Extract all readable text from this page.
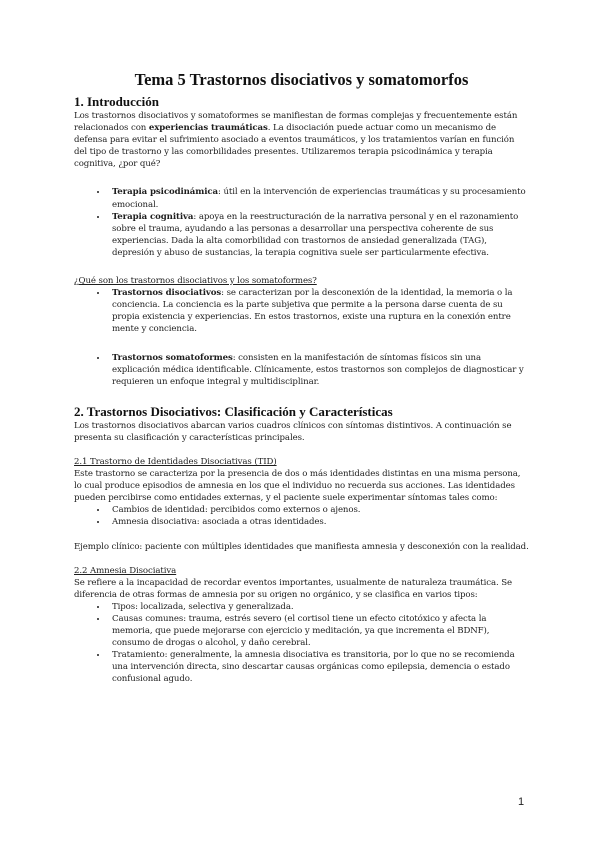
Tema 5 Trastornos disociativos y somatomorfos
1. Introducción

Los trastornos disociativos y somatoformes se manifiestan de formas complejas y frecuentemente están relacionados con experiencias traumáticas. La disociación puede actuar como un mecanismo de defensa para evitar el sufrimiento asociado a eventos traumáticos, y los tratamientos varían en función del tipo de trastorno y las comorbilidades presentes. Utilizaremos terapia psicodinámica y terapia cognitiva, ¿por qué?

• Terapia psicodinámica: útil en la intervención de experiencias traumáticas y su procesamiento emocional.
• Terapia cognitiva: apoya en la reestructuración de la narrativa personal y en el razonamiento sobre el trauma, ayudando a las personas a desarrollar una perspectiva coherente de sus experiencias. Dada la alta comorbilidad con trastornos de ansiedad generalizada (TAG), depresión y abuso de sustancias, la terapia cognitiva suele ser particularmente efectiva.

¿Qué son los trastornos disociativos y los somatoformes?

• Trastornos disociativos: se caracterizan por la desconexión de la identidad, la memoria o la conciencia. La conciencia es la parte subjetiva que permite a la persona darse cuenta de su propia existencia y experiencias. En estos trastornos, existe una ruptura en la conexión entre mente y conciencia.
• Trastornos somatoformes: consisten en la manifestación de síntomas físicos sin una explicación médica identificable. Clínicamente, estos trastornos son complejos de diagnosticar y requieren un enfoque integral y multidisciplinar.
2. Trastornos Disociativos: Clasificación y Características

Los trastornos disociativos abarcan varios cuadros clínicos con síntomas distintivos. A continuación se presenta su clasificación y características principales.

2.1 Trastorno de Identidades Disociativas (TID)

Este trastorno se caracteriza por la presencia de dos o más identidades distintas en una misma persona, lo cual produce episodios de amnesia en los que el individuo no recuerda sus acciones. Las identidades pueden percibirse como entidades externas, y el paciente suele experimentar síntomas tales como:

• Cambios de identidad: percibidos como externos o ajenos.
• Amnesia disociativa: asociada a otras identidades.

Ejemplo clínico: paciente con múltiples identidades que manifiesta amnesia y desconexión con la realidad.

2.2 Amnesia Disociativa

Se refiere a la incapacidad de recordar eventos importantes, usualmente de naturaleza traumática. Se diferencia de otras formas de amnesia por su origen no orgánico, y se clasifica en varios tipos:

• Tipos: localizada, selectiva y generalizada.
• Causas comunes: trauma, estrés severo (el cortisol tiene un efecto citotóxico y afecta la memoria, que puede mejorarse con ejercicio y meditación, ya que incrementa el BDNF), consumo de drogas o alcohol, y daño cerebral.
• Tratamiento: generalmente, la amnesia disociativa es transitoria, por lo que no se recomienda una intervención directa, sino descartar causas orgánicas como epilepsia, demencia o estado confusional agudo.
1
